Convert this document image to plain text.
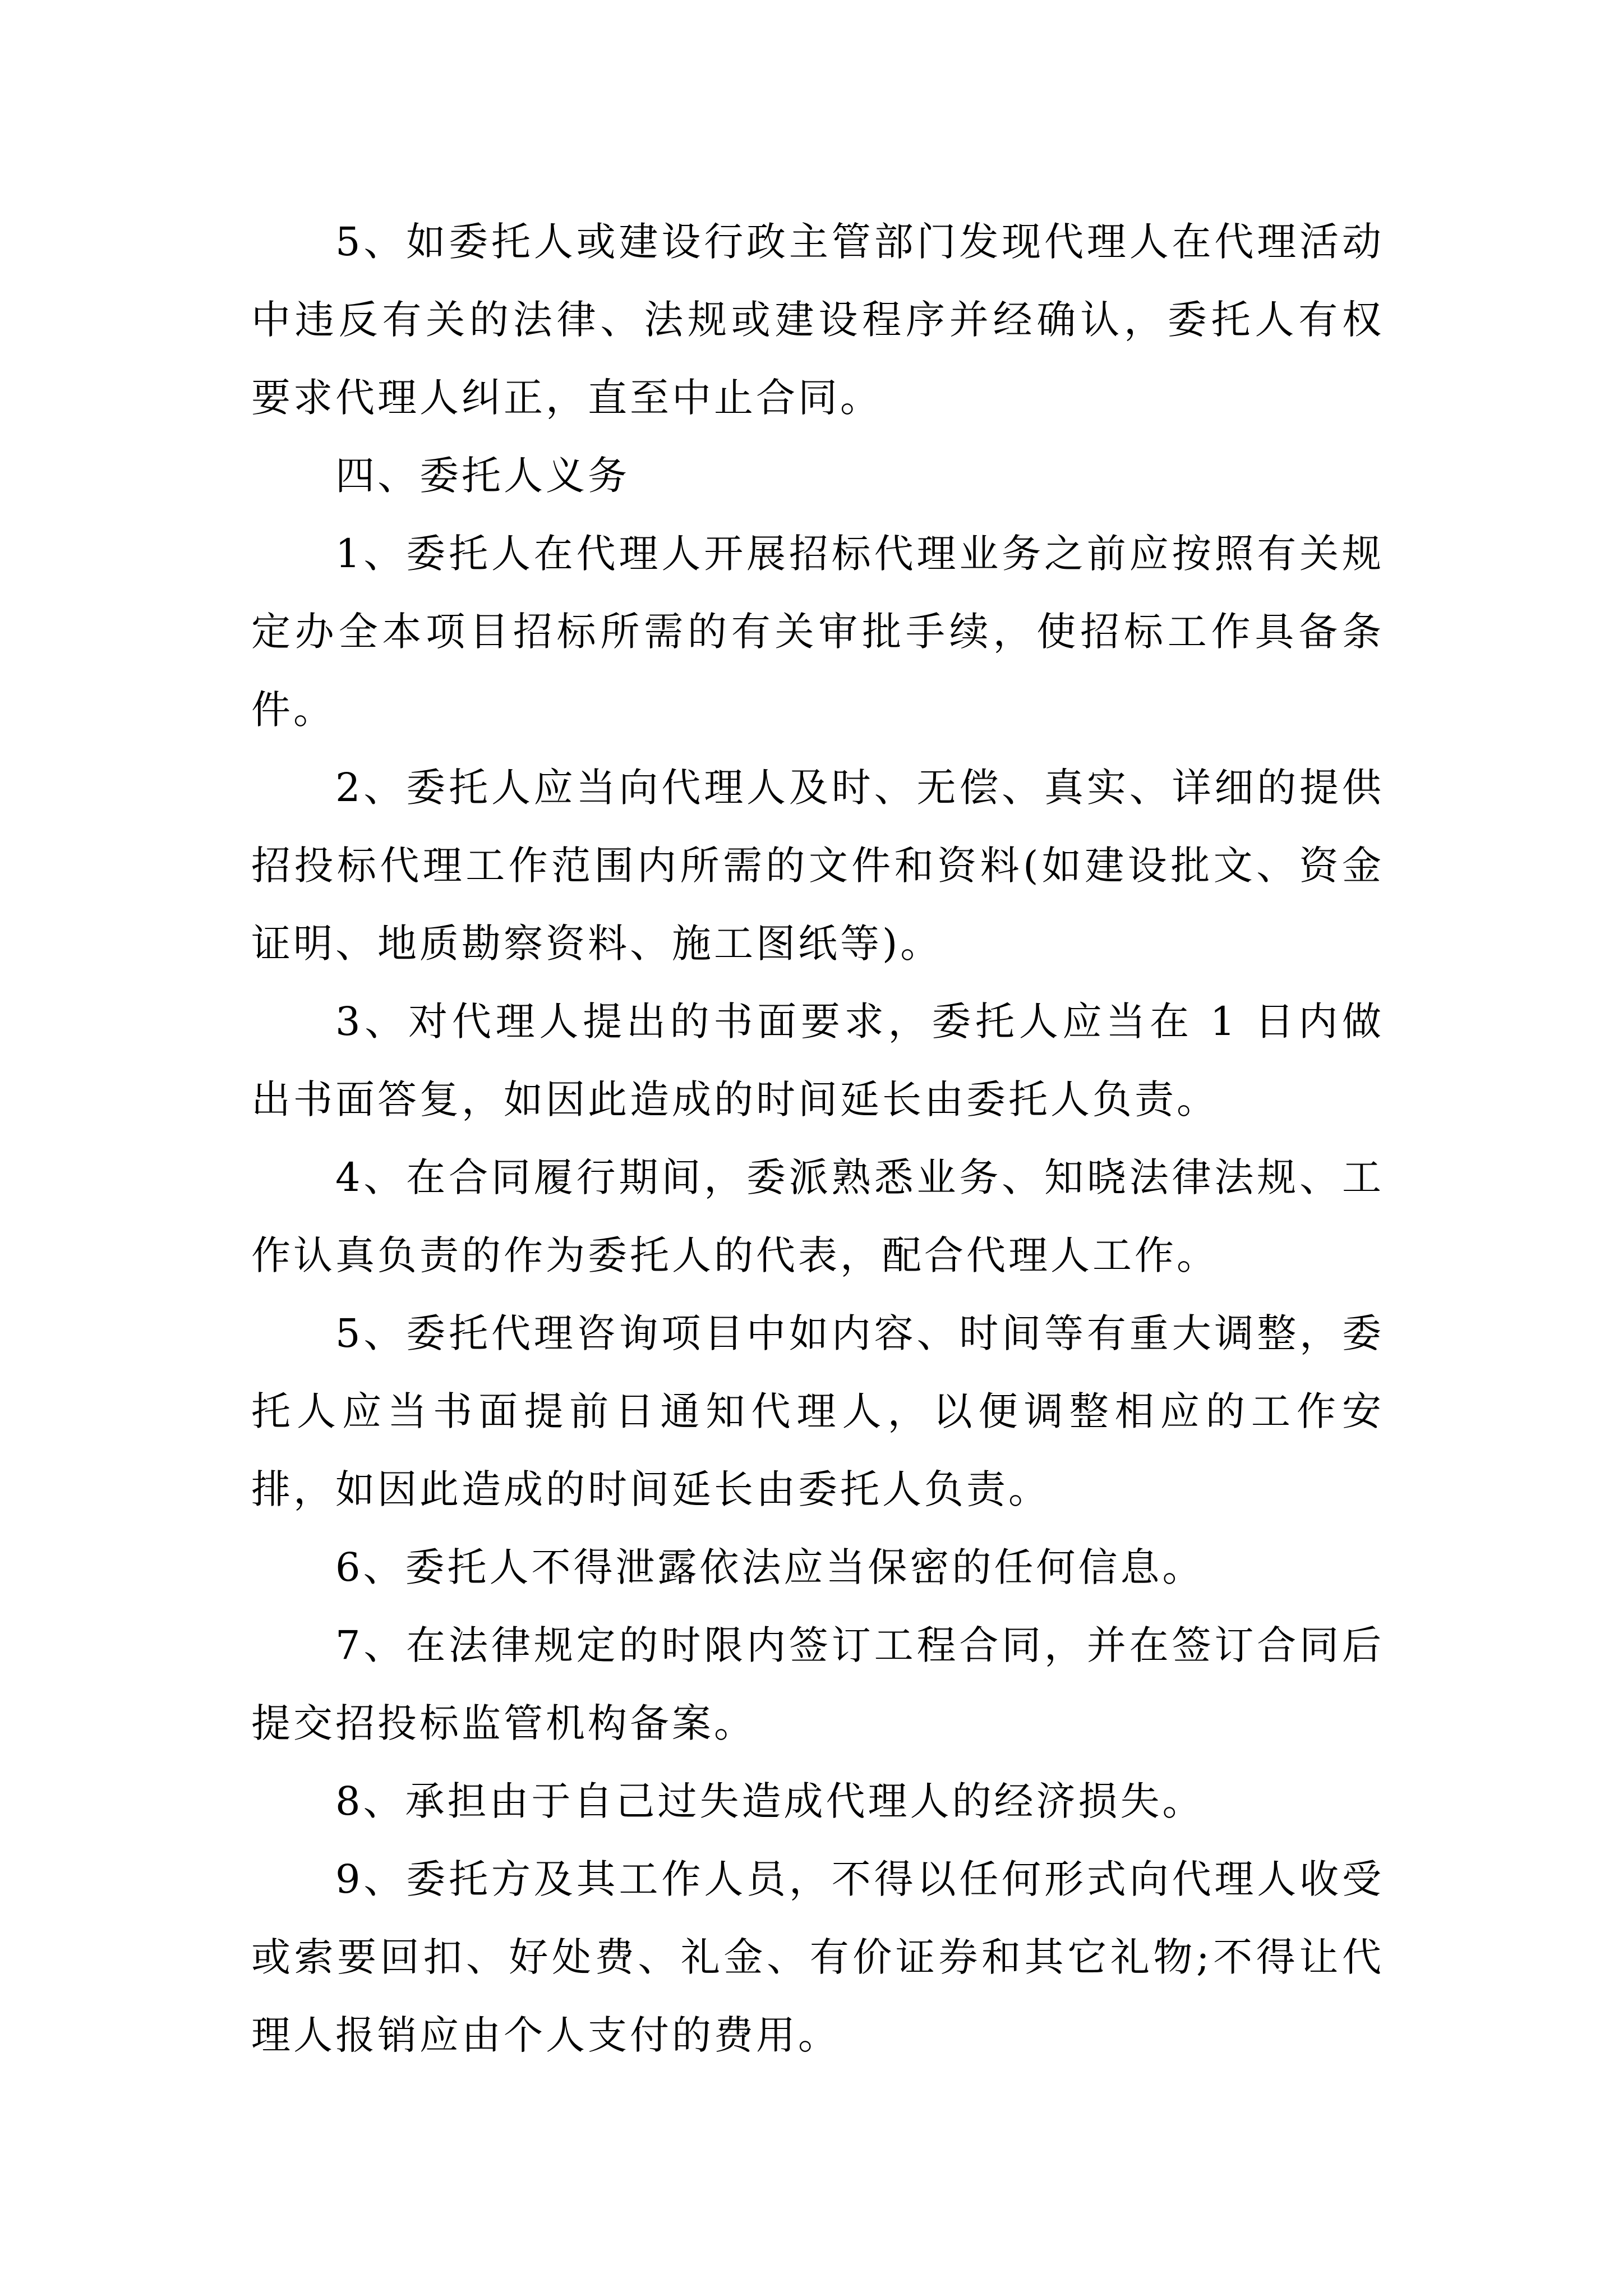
5、如委托人或建设行政主管部门发现代理人在代理活动中违反有关的法律、法规或建设程序并经确认，委托人有权要求代理人纠正，直至中止合同。

四、委托人义务

1、委托人在代理人开展招标代理业务之前应按照有关规定办全本项目招标所需的有关审批手续，使招标工作具备条件。

2、委托人应当向代理人及时、无偿、真实、详细的提供招投标代理工作范围内所需的文件和资料(如建设批文、资金证明、地质勘察资料、施工图纸等)。

3、对代理人提出的书面要求，委托人应当在 1 日内做出书面答复，如因此造成的时间延长由委托人负责。

4、在合同履行期间，委派熟悉业务、知晓法律法规、工作认真负责的作为委托人的代表，配合代理人工作。

5、委托代理咨询项目中如内容、时间等有重大调整，委托人应当书面提前日通知代理人，以便调整相应的工作安排，如因此造成的时间延长由委托人负责。

6、委托人不得泄露依法应当保密的任何信息。

7、在法律规定的时限内签订工程合同，并在签订合同后提交招投标监管机构备案。

8、承担由于自己过失造成代理人的经济损失。

9、委托方及其工作人员，不得以任何形式向代理人收受或索要回扣、好处费、礼金、有价证券和其它礼物;不得让代理人报销应由个人支付的费用。
